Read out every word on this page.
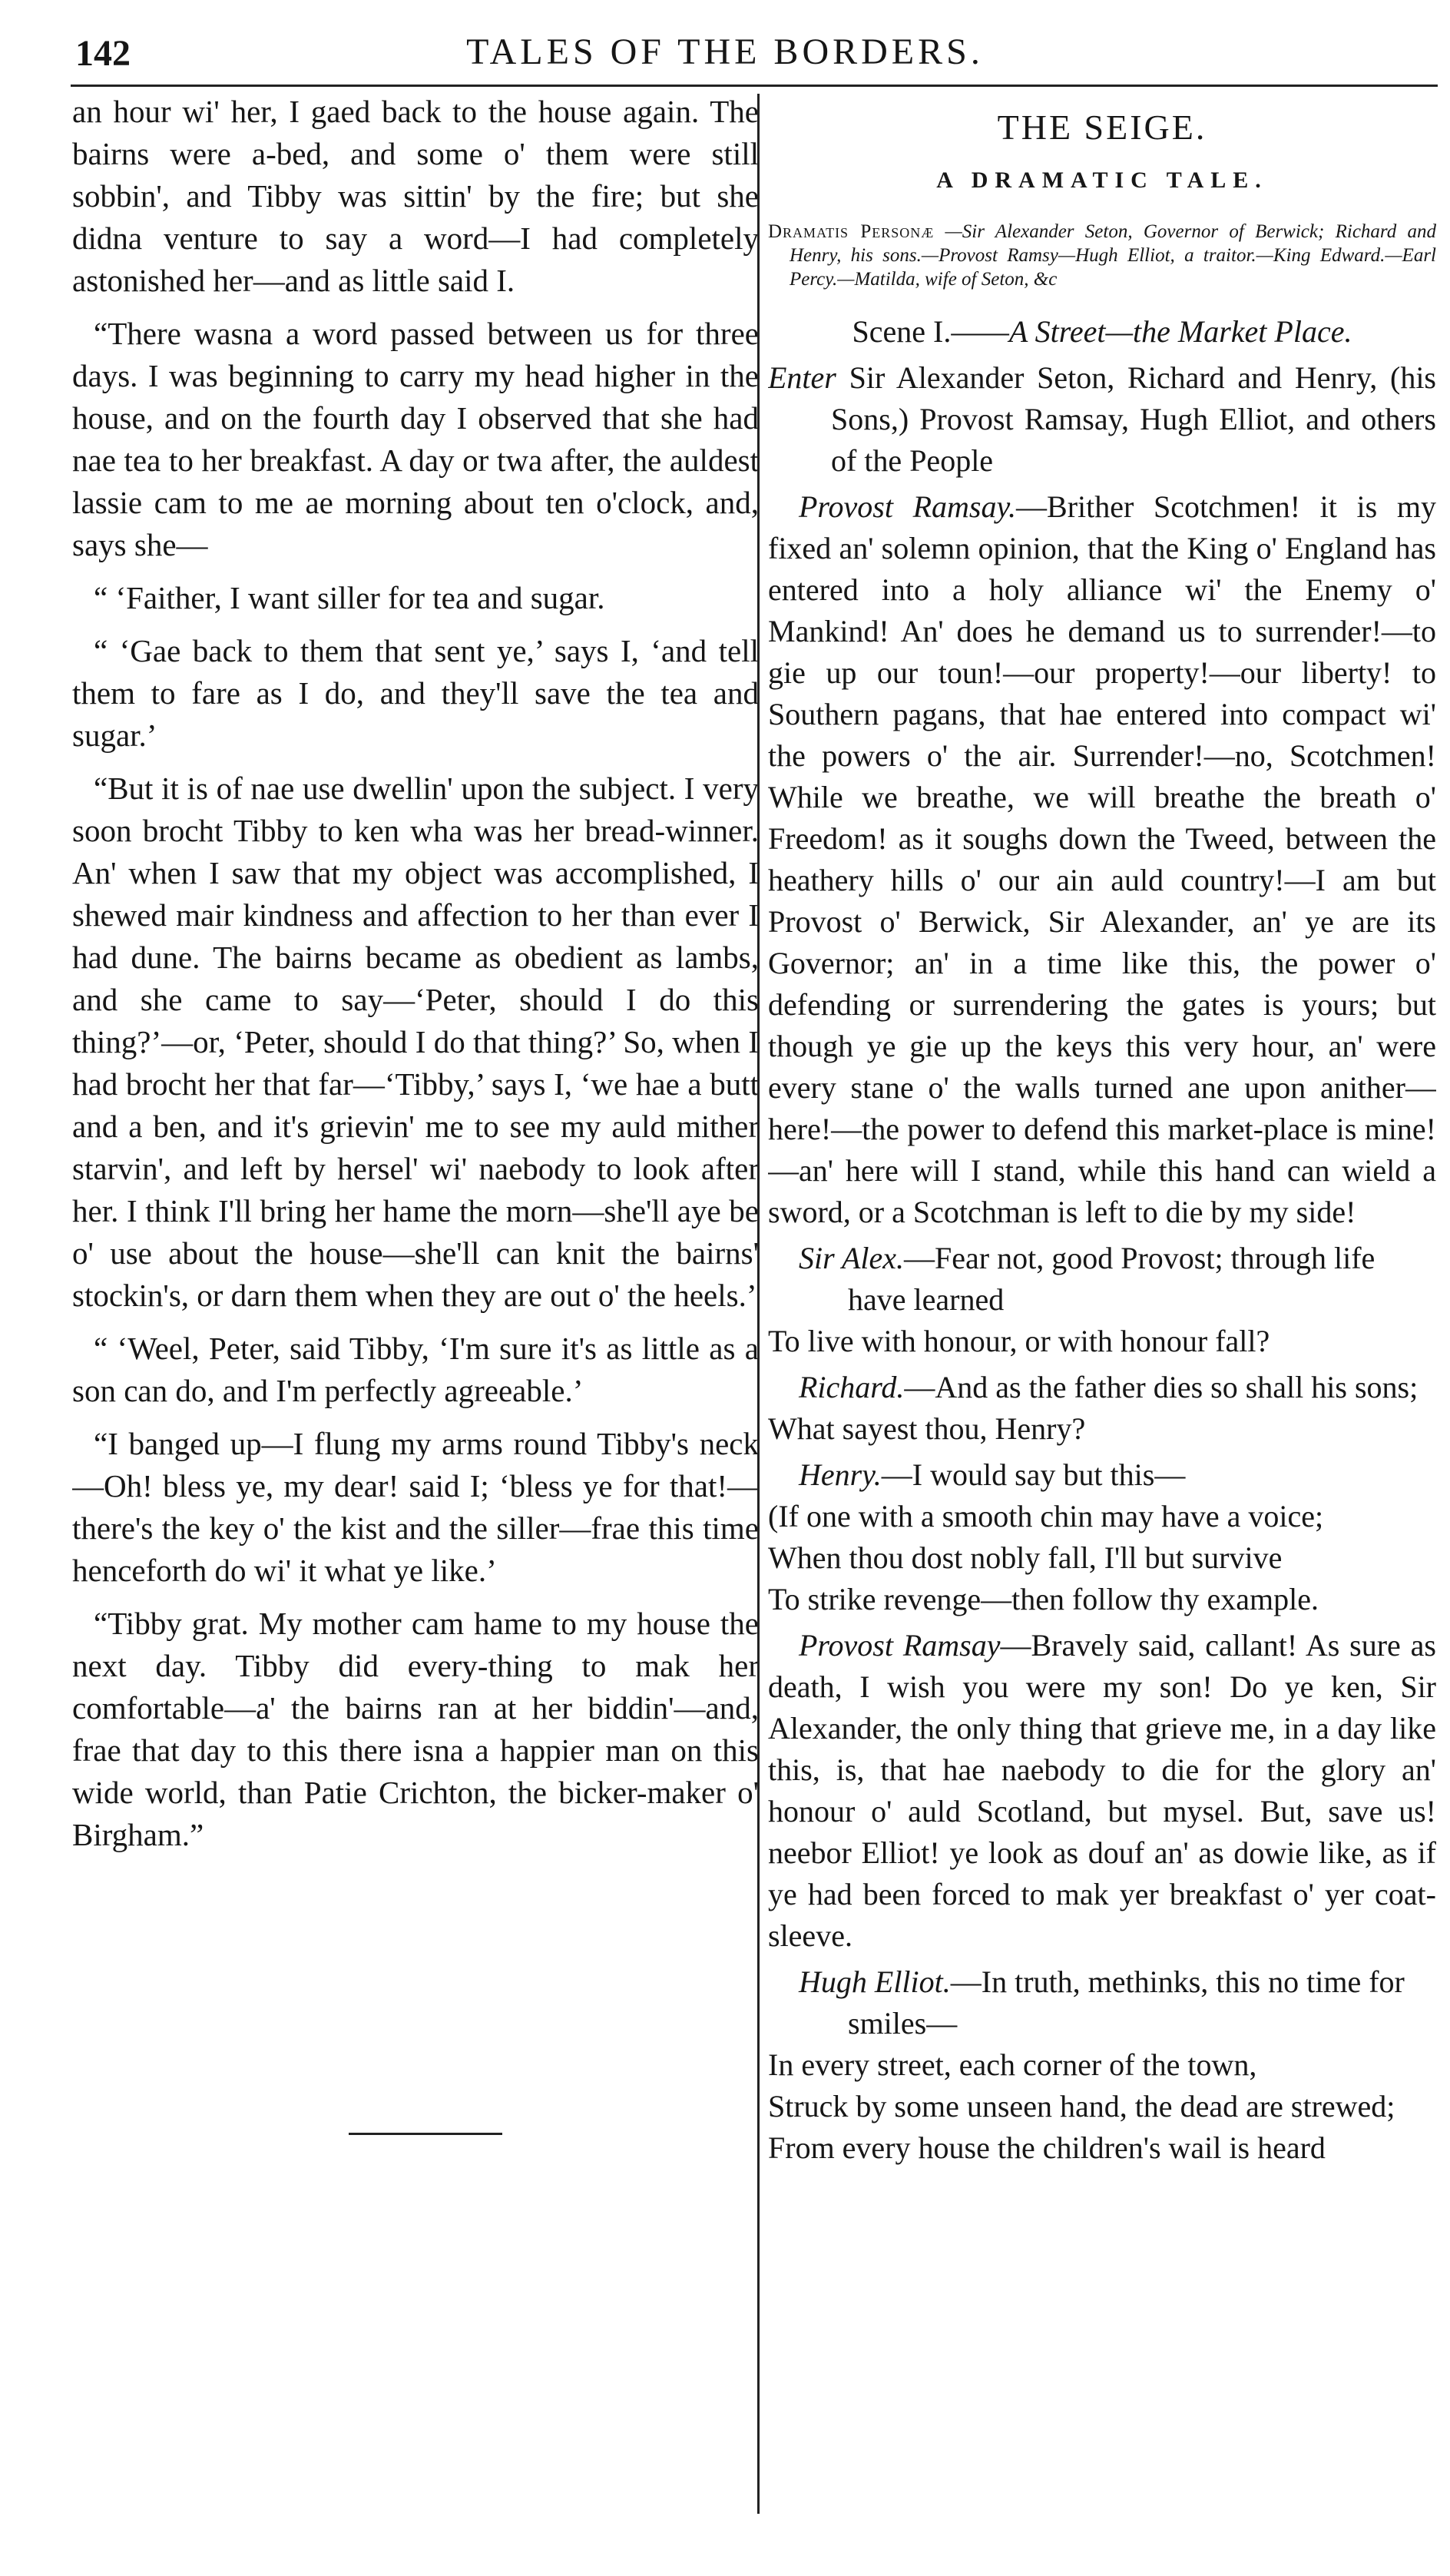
142	TALES OF THE BORDERS.

an hour wi' her, I gaed back to the house again. The bairns were a-bed, and some o' them were still sobbin', and Tibby was sittin' by the fire; but she didna venture to say a word—I had completely astonished her—and as little said I.

“There wasna a word passed between us for three days. I was beginning to carry my head higher in the house, and on the fourth day I observed that she had nae tea to her breakfast. A day or twa after, the auldest lassie cam to me ae morning about ten o'clock, and, says she—

“ ‘Faither, I want siller for tea and sugar.

“ ‘Gae back to them that sent ye,’ says I, ‘and tell them to fare as I do, and they'll save the tea and sugar.’

“But it is of nae use dwellin' upon the subject. I very soon brocht Tibby to ken wha was her bread-winner. An' when I saw that my object was accomplished, I shewed mair kindness and affection to her than ever I had dune. The bairns became as obedient as lambs, and she came to say—‘Peter, should I do this thing?’—or, ‘Peter, should I do that thing?’ So, when I had brocht her that far—‘Tibby,’ says I, ‘we hae a butt and a ben, and it's grievin' me to see my auld mither starvin', and left by hersel' wi' naebody to look after her. I think I'll bring her hame the morn—she'll aye be o' use about the house—she'll can knit the bairns' stockin's, or darn them when they are out o' the heels.’

“ ‘Weel, Peter, said Tibby, ‘I'm sure it's as little as a son can do, and I'm perfectly agreeable.’

“I banged up—I flung my arms round Tibby's neck—Oh! bless ye, my dear! said I; ‘bless ye for that!—there's the key o' the kist and the siller—frae this time henceforth do wi' it what ye like.’

“Tibby grat. My mother cam hame to my house the next day. Tibby did every-thing to mak her comfortable—a' the bairns ran at her biddin'—and, frae that day to this there isna a happier man on this wide world, than Patie Crichton, the bicker-maker o' Birgham.”

THE SEIGE.
A DRAMATIC TALE.
Dramatis Personæ —Sir Alexander Seton, Governor of Berwick; Richard and Henry, his sons.—Provost Ramsy—Hugh Elliot, a traitor.—King Edward.—Earl Percy.—Matilda, wife of Seton, &c
Scene I.——A Street—the Market Place.
Enter Sir Alexander Seton, Richard and Henry, (his Sons,) Provost Ramsay, Hugh Elliot, and others of the People
Provost Ramsay.—Brither Scotchmen! it is my fixed an' solemn opinion, that the King o' England has entered into a holy alliance wi' the Enemy o' Mankind! An' does he demand us to surrender!—to gie up our toun!—our property!—our liberty! to Southern pagans, that hae entered into compact wi' the powers o' the air. Surrender!—no, Scotchmen! While we breathe, we will breathe the breath o' Freedom! as it soughs down the Tweed, between the heathery hills o' our ain auld country!—I am but Provost o' Berwick, Sir Alexander, an' ye are its Governor; an' in a time like this, the power o' defending or surrendering the gates is yours; but though ye gie up the keys this very hour, an' were every stane o' the walls turned ane upon anither—here!—the power to defend this market-place is mine!—an' here will I stand, while this hand can wield a sword, or a Scotchman is left to die by my side!
Sir Alex.—Fear not, good Provost; through life have learned
To live with honour, or with honour fall?
Richard.—And as the father dies so shall his sons;
What sayest thou, Henry?
Henry.—I would say but this—
(If one with a smooth chin may have a voice;
When thou dost nobly fall, I'll but survive
To strike revenge—then follow thy example.
Provost Ramsay—Bravely said, callant! As sure as death, I wish you were my son! Do ye ken, Sir Alexander, the only thing that grieve me, in a day like this, is, that hae naebody to die for the glory an' honour o' auld Scotland, but mysel. But, save us! neebor Elliot! ye look as douf an' as dowie like, as if ye had been forced to mak yer breakfast o' yer coat-sleeve.
Hugh Elliot.—In truth, methinks, this no time for smiles—
In every street, each corner of the town,
Struck by some unseen hand, the dead are strewed;
From every house the children's wail is heard
